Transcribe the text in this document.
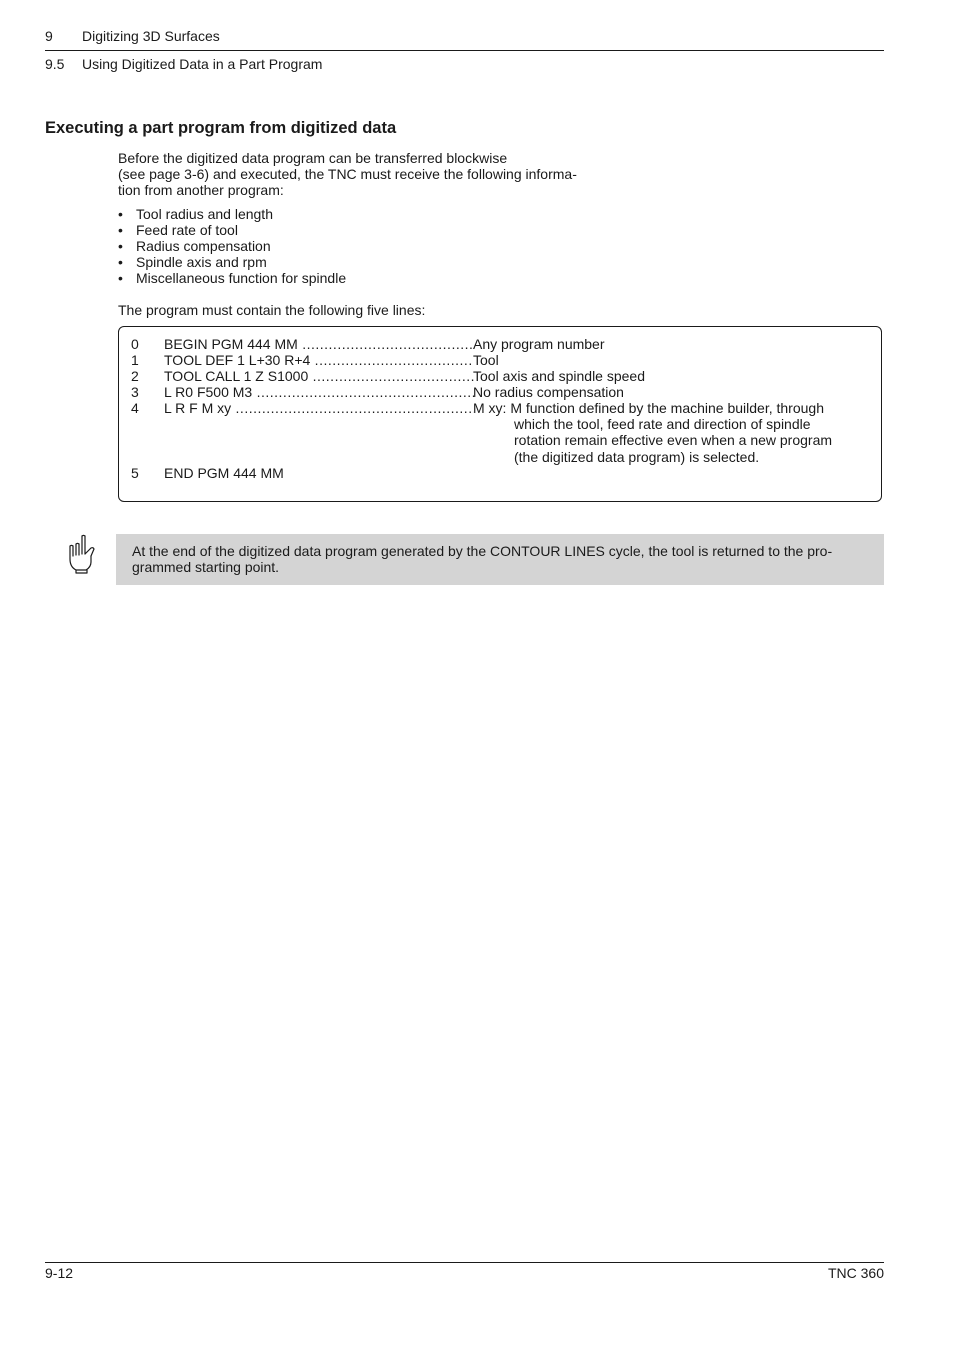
9 Digitizing 3D Surfaces
9.5 Using Digitized Data in a Part Program
Executing a part program from digitized data

Before the digitized data program can be transferred blockwise

(see page 3-6) and executed, the TNC must receive the following informa-

tion from another program:

• Tool radius and length
• Feed rate of tool
• Radius compensation
• Spindle axis and rpm
• Miscellaneous function for spindle
The program must contain the following five lines:
0	BEGIN PGM 444 MM .....	Any program number
1	TOOL DEF 1 L+30 R+4 .....	Tool
2	TOOL CALL 1 Z S1000 .....	Tool axis and spindle speed
3	L R0 F500 M3 .....	No radius compensation
4	L R F M xy .....	M xy: M function defined by the machine builder, through
which the tool, feed rate and direction of spindle
rotation remain effective even when a new program
(the digitized data program) is selected.
5	END PGM 444 MM

At the end of the digitized data program generated by the CONTOUR LINES cycle, the tool is returned to the pro-

grammed starting point.

9-12	TNC 360
